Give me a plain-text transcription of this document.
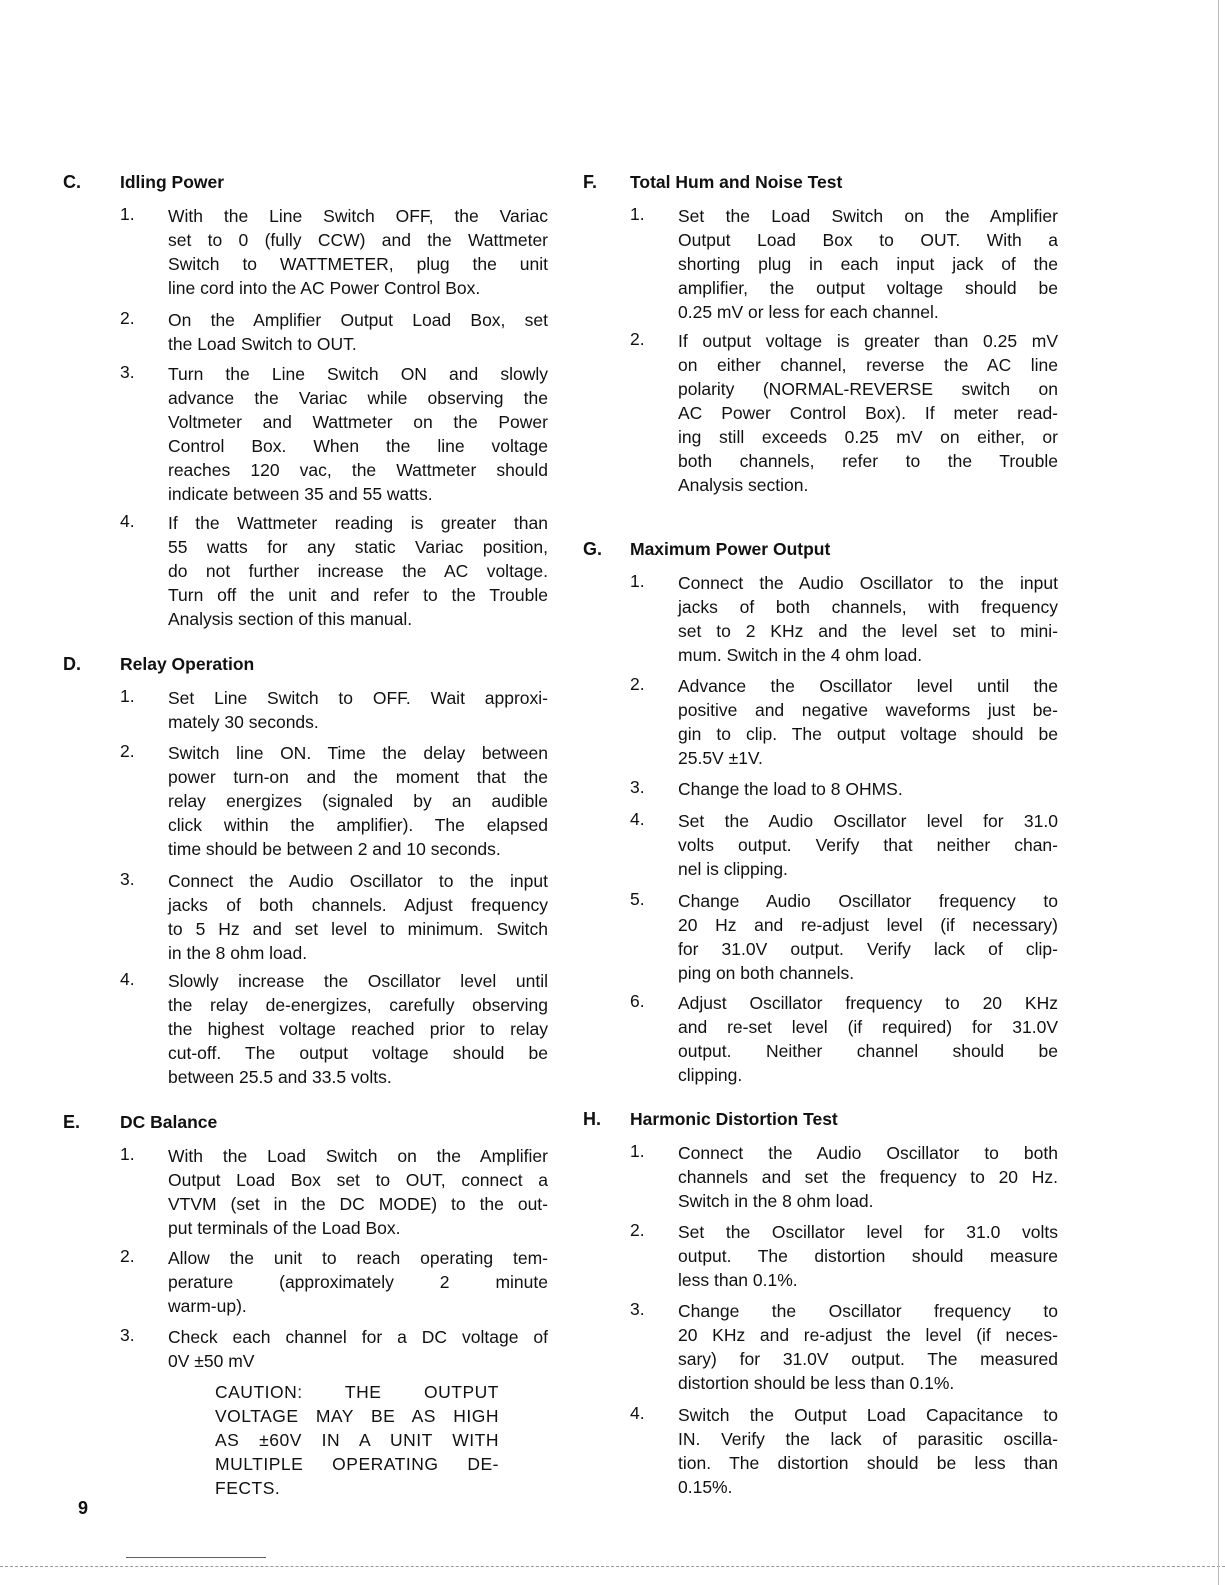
C. Idling Power
1. With the Line Switch OFF, the Variac
set to 0 (fully CCW) and the Wattmeter
Switch to WATTMETER, plug the unit
line cord into the AC Power Control Box.
2. On the Amplifier Output Load Box, set
the Load Switch to OUT.
3. Turn the Line Switch ON and slowly
advance the Variac while observing the
Voltmeter and Wattmeter on the Power
Control Box. When the line voltage
reaches 120 vac, the Wattmeter should
indicate between 35 and 55 watts.
4. If the Wattmeter reading is greater than
55 watts for any static Variac position,
do not further increase the AC voltage.
Turn off the unit and refer to the Trouble
Analysis section of this manual.
D. Relay Operation
1. Set Line Switch to OFF. Wait approxi-
mately 30 seconds.
2. Switch line ON. Time the delay between
power turn-on and the moment that the
relay energizes (signaled by an audible
click within the amplifier). The elapsed
time should be between 2 and 10 seconds.
3. Connect the Audio Oscillator to the input
jacks of both channels. Adjust frequency
to 5 Hz and set level to minimum. Switch
in the 8 ohm load.
4. Slowly increase the Oscillator level until
the relay de-energizes, carefully observing
the highest voltage reached prior to relay
cut-off. The output voltage should be
between 25.5 and 33.5 volts.
E. DC Balance
1. With the Load Switch on the Amplifier
Output Load Box set to OUT, connect a
VTVM (set in the DC MODE) to the out-
put terminals of the Load Box.
2. Allow the unit to reach operating tem-
perature (approximately 2 minute
warm-up).
3. Check each channel for a DC voltage of
0V ±50 mV
F. Total Hum and Noise Test
1. Set the Load Switch on the Amplifier
Output Load Box to OUT. With a
shorting plug in each input jack of the
amplifier, the output voltage should be
0.25 mV or less for each channel.
2. If output voltage is greater than 0.25 mV
on either channel, reverse the AC line
polarity (NORMAL-REVERSE switch on
AC Power Control Box). If meter read-
ing still exceeds 0.25 mV on either, or
both channels, refer to the Trouble
Analysis section.
G. Maximum Power Output
1. Connect the Audio Oscillator to the input
jacks of both channels, with frequency
set to 2 KHz and the level set to mini-
mum. Switch in the 4 ohm load.
2. Advance the Oscillator level until the
positive and negative waveforms just be-
gin to clip. The output voltage should be
25.5V ±1V.
3. Change the load to 8 OHMS.
4. Set the Audio Oscillator level for 31.0
volts output. Verify that neither chan-
nel is clipping.
5. Change Audio Oscillator frequency to
20 Hz and re-adjust level (if necessary)
for 31.0V output. Verify lack of clip-
ping on both channels.
6. Adjust Oscillator frequency to 20 KHz
and re-set level (if required) for 31.0V
output. Neither channel should be
clipping.
H. Harmonic Distortion Test
1. Connect the Audio Oscillator to both
channels and set the frequency to 20 Hz.
Switch in the 8 ohm load.
2. Set the Oscillator level for 31.0 volts
output. The distortion should measure
less than 0.1%.
3. Change the Oscillator frequency to
20 KHz and re-adjust the level (if neces-
sary) for 31.0V output. The measured
distortion should be less than 0.1%.
4. Switch the Output Load Capacitance to
IN. Verify the lack of parasitic oscilla-
tion. The distortion should be less than
0.15%.
CAUTION: THE OUTPUT
VOLTAGE MAY BE AS HIGH
AS ±60V IN A UNIT WITH
MULTIPLE OPERATING DE-
FECTS.
9
